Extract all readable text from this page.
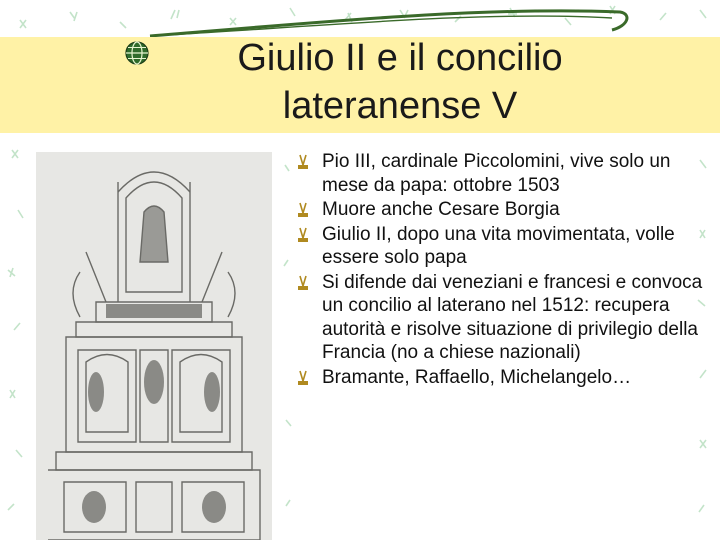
Giulio II e il concilio lateranense V
Pio III, cardinale Piccolomini, vive solo un mese da papa: ottobre 1503
Muore anche Cesare Borgia
Giulio II, dopo una vita movimentata, volle essere solo papa
Si difende dai veneziani e francesi e convoca un concilio al laterano nel 1512: recupera autorità e risolve situazione di privilegio della Francia (no a chiese nazionali)
Bramante, Raffaello, Michelangelo…
